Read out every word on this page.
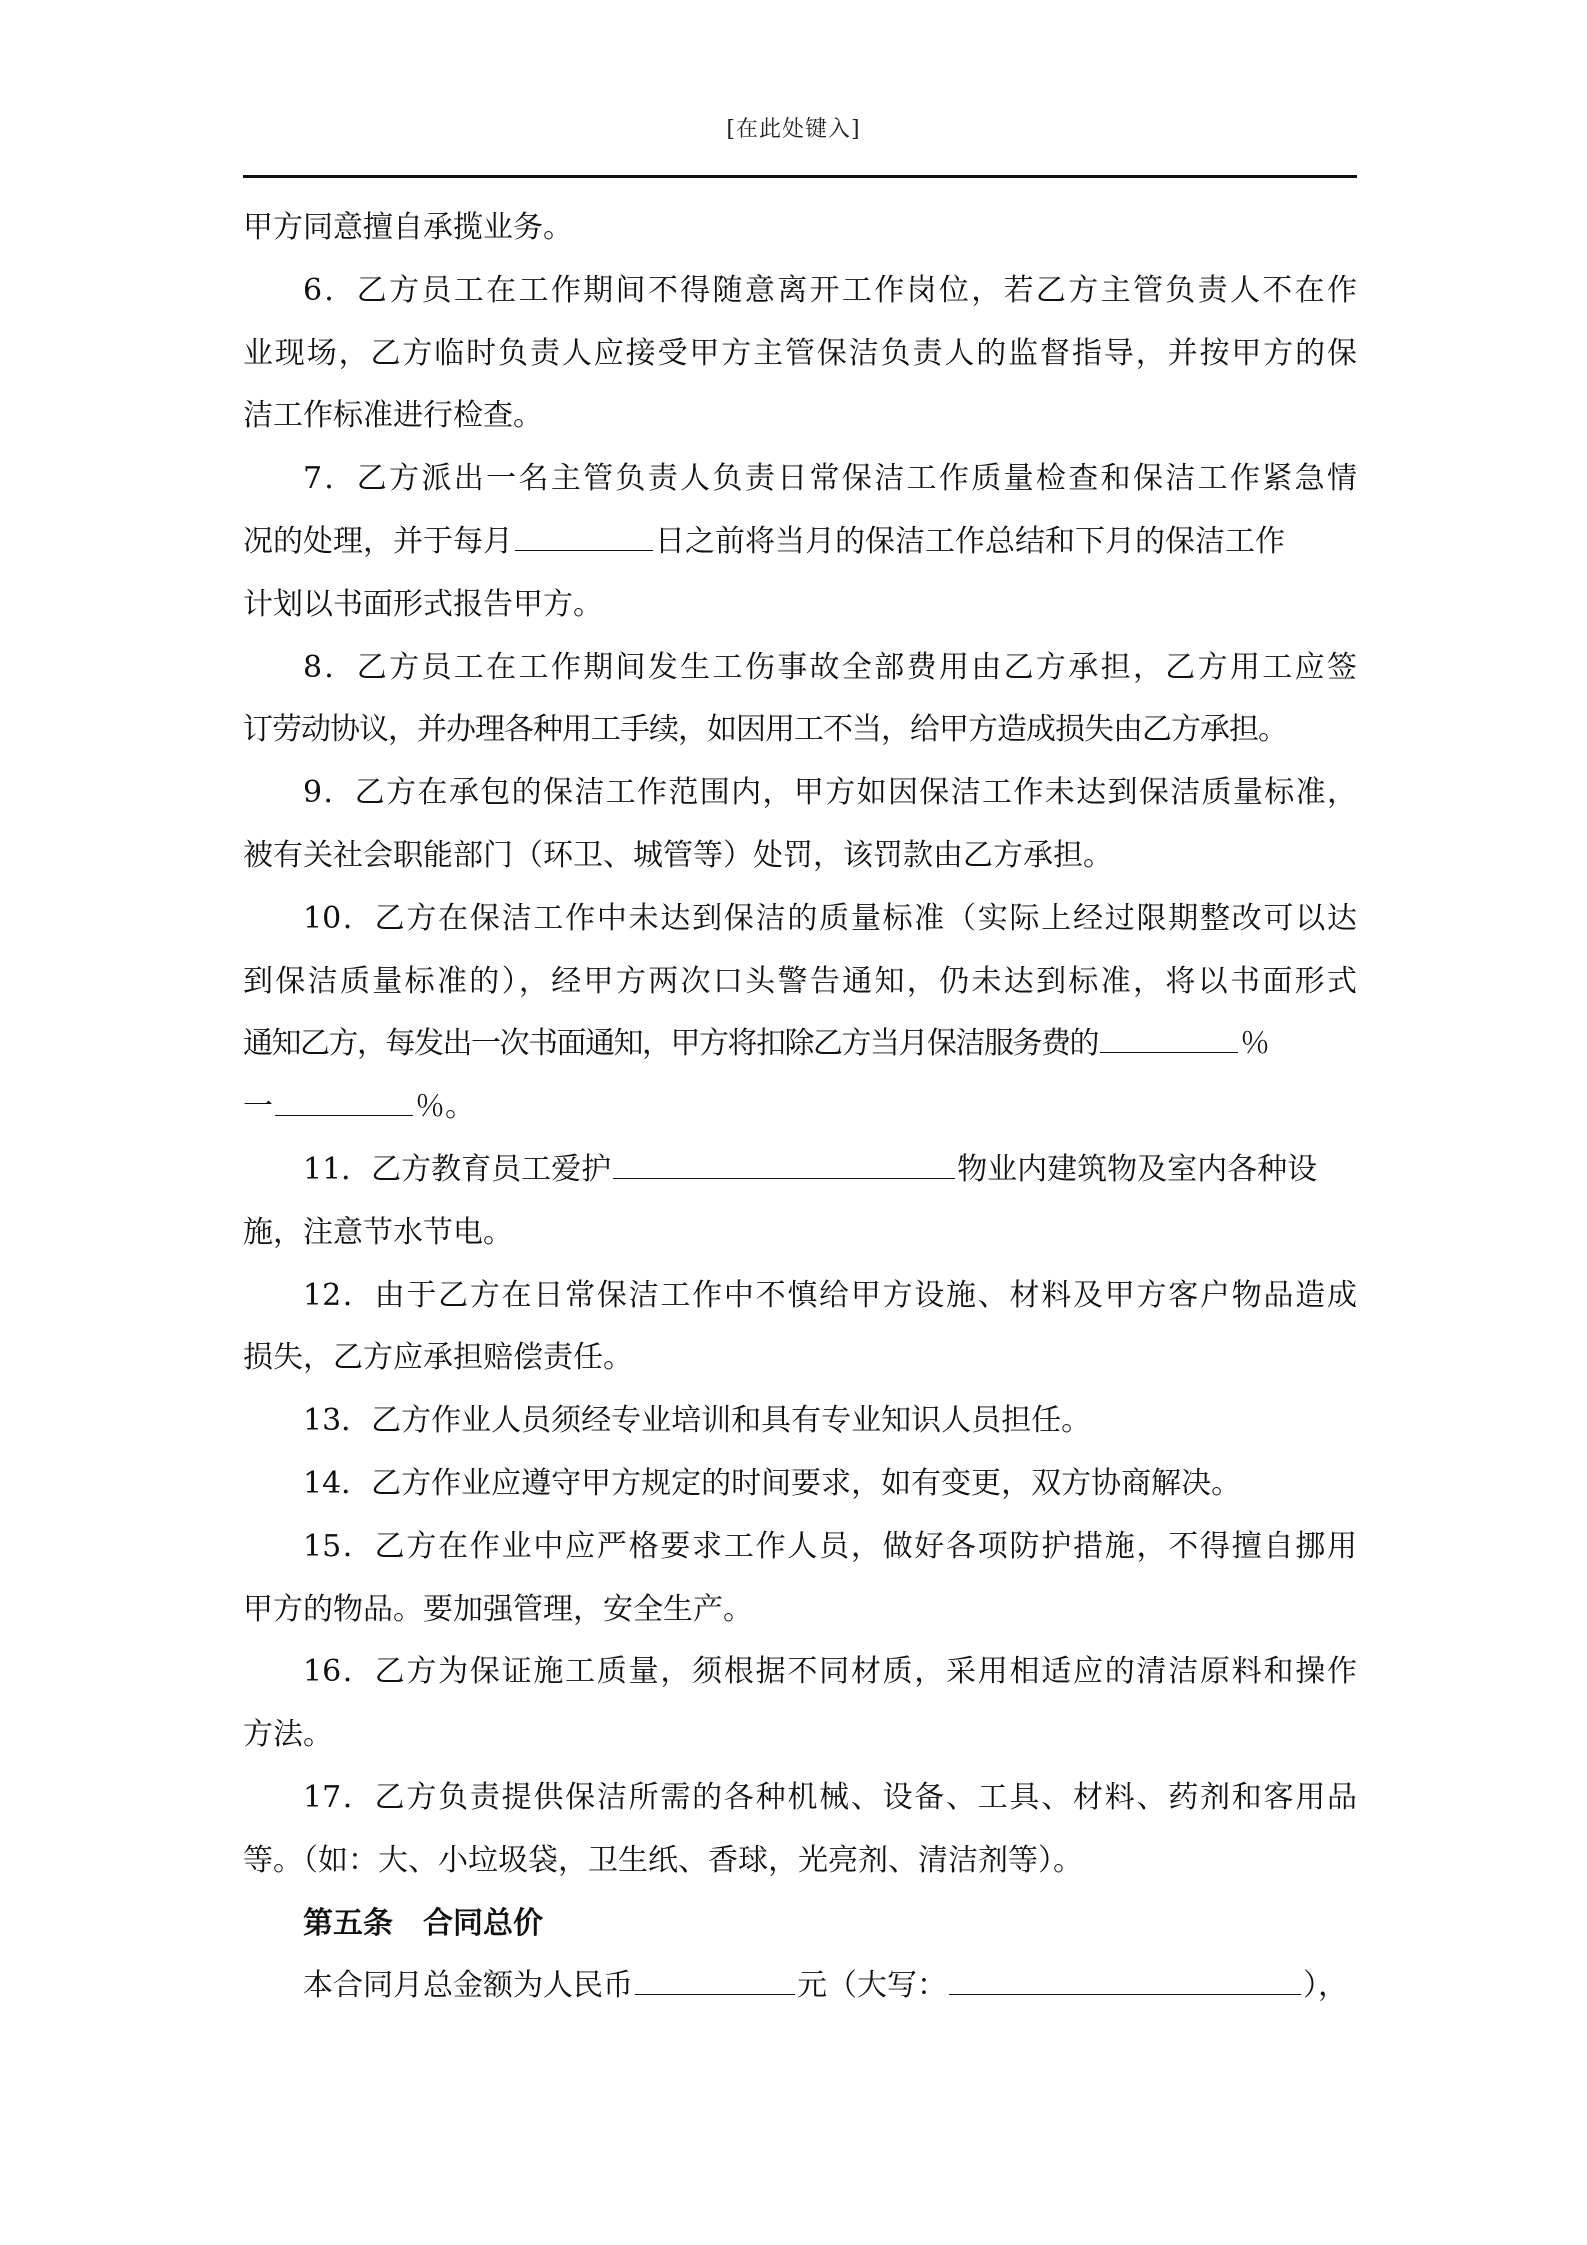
[在此处键入]
甲方同意擅自承揽业务。
6．乙方员工在工作期间不得随意离开工作岗位，若乙方主管负责人不在作
业现场，乙方临时负责人应接受甲方主管保洁负责人的监督指导，并按甲方的保
洁工作标准进行检查。
7．乙方派出一名主管负责人负责日常保洁工作质量检查和保洁工作紧急情
况的处理，并于每月	日之前将当月的保洁工作总结和下月的保洁工作
计划以书面形式报告甲方。
8．乙方员工在工作期间发生工伤事故全部费用由乙方承担，乙方用工应签
订劳动协议，并办理各种用工手续，如因用工不当，给甲方造成损失由乙方承担。
9．乙方在承包的保洁工作范围内，甲方如因保洁工作未达到保洁质量标准，
被有关社会职能部门（环卫、城管等）处罚，该罚款由乙方承担。
10．乙方在保洁工作中未达到保洁的质量标准（实际上经过限期整改可以达
到保洁质量标准的），经甲方两次口头警告通知，仍未达到标准，将以书面形式
通知乙方，每发出一次书面通知，甲方将扣除乙方当月保洁服务费的	％
一	％。
11．乙方教育员工爱护	物业内建筑物及室内各种设
施，注意节水节电。
12．由于乙方在日常保洁工作中不慎给甲方设施、材料及甲方客户物品造成
损失，乙方应承担赔偿责任。
13．乙方作业人员须经专业培训和具有专业知识人员担任。
14．乙方作业应遵守甲方规定的时间要求，如有变更，双方协商解决。
15．乙方在作业中应严格要求工作人员，做好各项防护措施，不得擅自挪用
甲方的物品。要加强管理，安全生产。
16．乙方为保证施工质量，须根据不同材质，采用相适应的清洁原料和操作
方法。
17．乙方负责提供保洁所需的各种机械、设备、工具、材料、药剂和客用品
等。（如：大、小垃圾袋，卫生纸、香球，光亮剂、清洁剂等）。
第五条　合同总价
本合同月总金额为人民币	元（大写：	），
